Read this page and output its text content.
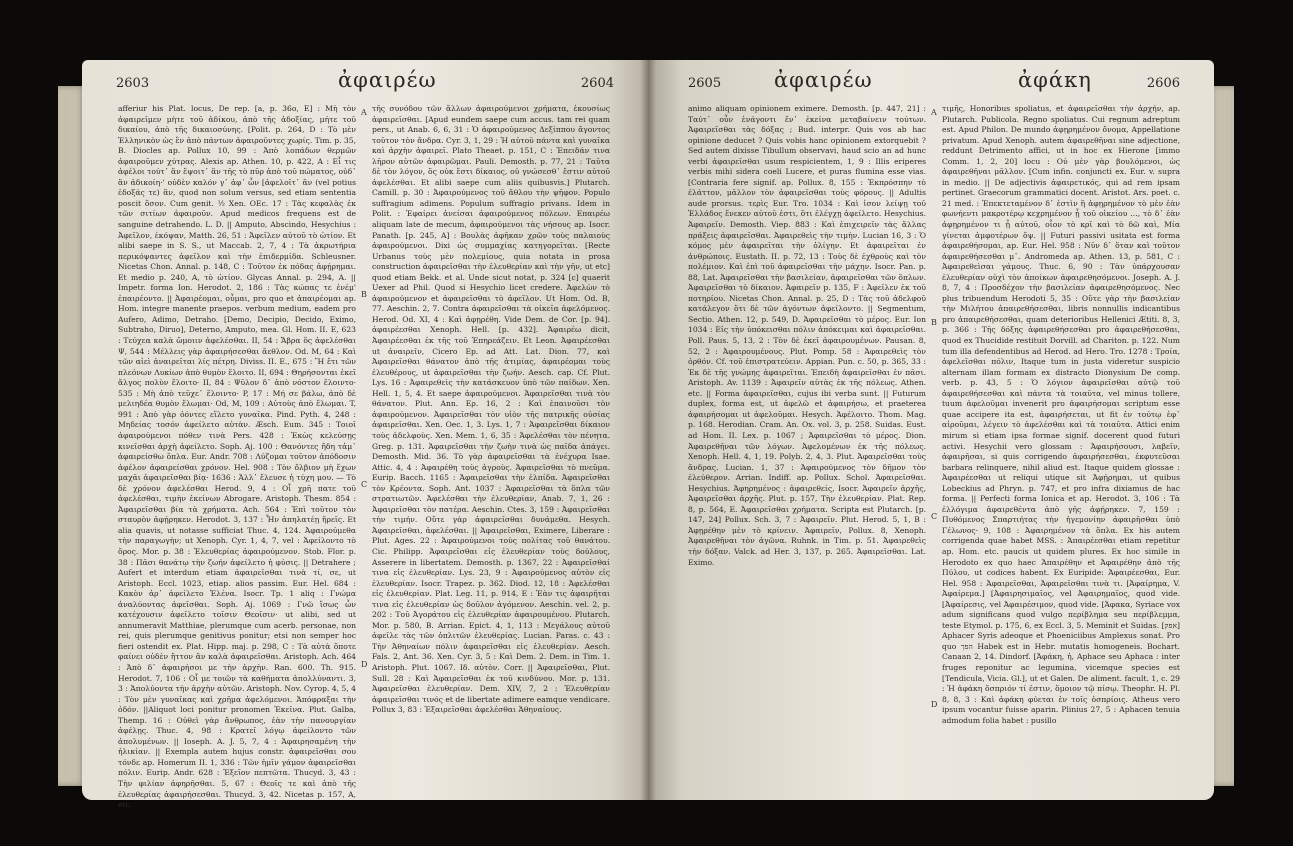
2603	ἀφαιρέω	2604
afferiur his Plat. locus, De rep. [a, p. 36o, E] : Μὴ τὸν ἀφαιρεῖμεν μὴτε τοῦ ἀδίκου, ἀπὸ τῆς ἀδοξίας, μήτε τοῦ δικαίου, ἀπὸ τῆς δικαιοσύνης. [Polit. p. 264, D : Τὸ μὲν Ἑλληνικὸν ὡς ἓν ἀπὸ πάντων ἀφαιροῦντες χωρίς. Tim. p. 35, B. Diocles ap. Pollux 10, 99 : Ἀπὸ λοπάδων θερμῶν ἀφαιροῦμεν χύτρας. Alexis ap. Athen. 10, p. 422, A : Εἶ τις ἀφέλοι τούτ᾽ ἂν ἕψοιτ᾽ ἂν τῆς τὸ πῦρ ἀπὸ τοῦ πώματος, οὐδ᾽ ἂν ἀδικοίη·' οὐδὲν καλόν γ᾽ ἀφ᾽ ὧν [ἀφελοῖτ᾽ ἂν (vel potius ἐδοξάς τε) ἂν, quod non solum versus, sed etiam sententia poscit ὅσον. Cum genit. ½ Xen. OEc. 17 : Τὰς κεφαλὰς ἐκ τῶν σιτίων ἀφαιροῦν. Apud medicos frequens est de sanguine detrahendo. L. D. || Amputo, Abscindo, Hesychius : Ἀφεῖλον, ἐκόψαν, Matth. 26, 51 : Ἀφεῖλεν αὐτοῦ τὸ ὠτίον. Et alibi saepe in S. S., ut Maccab. 2, 7, 4 : Τὰ ἀκρωτήρια περικόψαντες ἀφεῖλον καὶ τὴν ἐπιδερμίδα. Schleusner. Nicetas Chon. Annal. p. 148, C : Τοῦτον ἐκ πόδας ἀφῄρημαι. Et medio p. 240, A, τὸ ὠτίον. Glycas Annal. p. 294, A. || Impetr. forma Ion. Herodot. 2, 186 : Τὰς κώπας τε ἐνέμ' ἐπαιρέοντο. || Ἀφαιρέομαι, οὖμαι, pro quo et ἀπαιρέομαι ap. Hom. integre manente praepos. verbum medium, eadem pro Aufero, Adimo, Detraho. [Demo, Decipio, Decido, Eximo, Subtraho, Diruo], Deterno, Amputo, mea. Gl. Hom. II. E, 623 : Τεύχεα καλὰ ὤμοιιν ἀφελέσθαι. II, 54 : Ἄβρα ὅς ἀφελέσθαι Ψ, 544 : Μέλλεις γὰρ ἀφαιρήσεσθαι ἄεθλον. Od. M, 64 : Καὶ τῶν αἰεὶ ἀναιρεῖται λίς πέτρη. Diviss. II. E., 675 : Ἢ ἔτι τῶν πλεόνων Λυκίων ἀπὸ θυμὸν ἕλοιτο. II, 694 : Θηρήσονται ἐκεῖ ἄλγος πολὺν ἕλοιτο· II, 84 : Ψῦλον δ᾽ ἀπὸ νόστον ἕλοιντο· 535 : Μὴ ἀπὸ τεῦχε᾽ ἕλοιντο· P, 17 : Μή σε βάλω, ἀπὸ δὲ μελιηδέα θυμὸν ἕλωμαι· Od, M, 109 : Αὐτοὺς ἀπὸ ἕλωμαι. T, 991 : Ἀπὸ γὰρ ὀόντες εἵλετο γυναῖκα. Pind. Pyth. 4, 248 : Μηδείας τοσόν ἀφείλετο αὐτὰν. Æsch. Eum. 345 : Τοιοῖ ἀφαιρούμενοι πόθεν τινὰ Pers. 428 : Ἑκὼς κελεύσῃς κινεῖσθαι ἀρχὴ ἀφείλετο. Soph. Aj. 100 : Θανόντες ἤδη τἀμ᾽ ἀφαιρείσθω ὅπλα. Eur. Andr. 708 : Λύζομαι τοῦτον ἀπόδοσιν ἀφέλον ἀφαιρείσθαι χρόνον. Hel. 908 : Τὸν ὄλβιον μὴ ἔχων μαχᾶι ἀφαιρεῖσθαι βίᾳ· 1636 : Ἀλλ᾽ ἔλευσε ἡ τύχη μου. — Τὸ δὲ χρόνον ἀφελέσθαι Herod. 9, 4 : Οἷ χρῆ πατε τοῦ ἀφελέσθαι, τιμὴν ἐκείνων Abrogare. Aristoph. Thesm. 854 : Ἀφαιρεῖσθαι βία τὰ χρήματα. Ach. 564 : Ἐπὶ τοῦτον τὸν σταυρὸν ἀφῄρηκεν. Herodot. 3, 137 : Ἦν ἀπηλατέῃ ἤρεῖς. Et alia quavis, ut notasse sufficiat Thuc. 4, 124. Ἀφαιρούμεθα τὴν παραγωγὴν; ut Xenoph. Cyr. 1, 4, 7, vel : Ἀφείλοντο τὸ ὄρος. Mor. p. 38 : Ἐλευθερίας ἀφαιρούμενον. Stob. Flor. p. 38 : Πᾶσι θανάτῳ τὴν ζωήν ἀφείλετο ἡ φύσις. || Detrahere ; Aufert et interdum etiam ἀφαιρεῖσθαι τινὰ τί, σε, ut Aristoph. Eccl. 1023, etiap. alios passim. Eur. Hel. 684 : Κακὸν ἀρ᾽ ἀφείλετο Ἑλένα. Isocr. Tp. 1 aliq : Γνώμα ἀναλύοντας ἀφεῖσθαι. Soph. Aj. 1069 : Γνῶ ἴσως ὧν κατέχουσιν ἀφεῖλετο τοῖσιν Θεοῖσιν· ut alibi, sed ut annumeravit Matthiae, plerumque cum acerb. personae, non rei, quis plerumque genitivus ponitur; etsi non semper hoc fieri ostendit ex. Plat. Hipp. maj. p. 298, C : Τὰ αὐτὰ ὅποτε φαίνει οὐδὲν ἤττον ἂν καλὰ ἀφαιρεῖσθαι. Aristoph. Ach. 464 : Ἀπὸ δ᾽ ἀφαιρήσοι με τὴν ἀρχὴν. Ran. 600. Th. 915. Herodot. 7, 106 : Οἷ με τοιῶν τὰ καθήματα ἀπολλύναντι. 3, 3 : Ἀπολύοντα τὴν ἀρχὴν αὐτῶν. Aristoph. Nov. Cyrop. 4, 5, 4 : Τὸν μὲν γυναῖκας καὶ χρῆμα ἀφελόμενοι. Ἀπόφραξαι τὴν ὁδόν. ||Aliquot loci ponitur pronomen Ἐκεῖνα. Plut. Galba, Themp. 16 : Οὐθεὶ γὰρ ἄνθρωπος, ἐὰν τὴν πανουργίαν ἀφέλῃς. Thuc. 4, 98 : Κρατεῖ λόγῳ ἀφείλοντο τῶν ἀπολυμένων. || Ioseph. A. J. 5, 7, 4 : Ἀφαιρησαμένη τὴν ἡλικίαν. || Exempla autem hujus constr. ἀφαιρεῖσθαι σου τόνδε ap. Homerum II. 1, 336 : Τῶν ἡμῖν γάμον ἀφαιρεῖσθαι πόλιν. Eurip. Andr. 628 : Ἐξεῖον πεπτῶτα. Thucyd. 3, 43 : Τὴν φιλίαν ἀφηρῆσθαι. 5, 67 : Θεοῖς τε καὶ ἀπὸ τῆς ἐλευθερίας ἀφαιρήσεσθαι. Thucyd. 3, 42. Nicetas p. 157, A, etc.
τῆς συνόδου τῶν ἄλλων ἀφαιρούμενοι χρήματα, ἐκουσίως ἀφαιρεῖσθαι. [Apud eundem saepe cum accus. tam rei quam pers., ut Anab. 6, 6, 31 : Ὁ ἀφαιρούμενος Δεξίππου ἄγοντος τοῦτον τὸν ἄνδρα. Cyr. 3, 1, 29 : Ἡ αὐτοῦ πάντα καὶ γυναῖκα καὶ ἀρχὴν ἀφαιρεῖ. Plato Theaet. p. 151, C : Ἐπειδάν τινα λῆρον αὐτῶν ἀφαιρῶμαι. Pauli. Demosth. p. 77, 21 : Ταῦτα δὲ τὸν λόγον, ὃς οὐκ ἔστι δίκαιος, οὐ γνώσεσθ᾽ ἔστιν αὐτοῦ ἀφελέσθαι. Et alibi saepe cum aliis quibusvis.] Plutarch. Camill. p. 30 : Ἀφαιρούμενος τοῦ ἄθλου τὴν ψῆφον. Populo suffragium adimens. Populum suffragio privans. Idem in Polit. : Ἐφαίρει ἀνείσαι ἀφαιρούμενος πόλεων. Επαιρέω aliquam late de mecum, ἀφαιρούμενοι τὰς νήσους ap. Isocr. Panath. [p. 245, A] : Βουλὰς ἀφῆκαν χρῶν τοὺς παλαιοὺς ἀφαιρούμενοι. Dixi ὡς συμμαχίας κατηγορεῖται. [Recte Urbanus τοὺς μὲν πολεμίους, quia notata in prosa construction ἀφαιρεῖσθαι τὴν ἐλευθερίαν καὶ τὴν γῆν, ut etc] quod etiam Bekk. et al. Unde sicut notat, p. 324 [c] quaerit Uexer ad Phil. Quod si Hesychio licet credere. Ἀφελὼν τὸ ἀφαιρούμενον et ἀφαιρεῖσθαι τὸ ἀφεῖλον. Ut Hom. Od. Β, 77. Aeschin. 2, 7. Contra ἀφαιρεῖσθαι τὰ οἰκεῖα ἀφελόμενος. Herod. Od. XI, 4 : Καὶ ἀφῃρέθη. Vide Dem. de Cor. [p. 94]. ἀφαιρέεσθαι Xenoph. Hell. [p. 432]. Ἀφαιρέω dicit, Ἀφαιρέεσθαι ἐκ τῆς τοῦ Ἐπηρεάζειν. Et Leon. Ἀφαιρέεσθαι ut ἀναιρεῖν, Cicero Ep. ad Att. Lat. Dion. 77, καὶ Ἀφαιρεῖσθαι θάνατον ἀπὸ τῆς ἀτιμίας, ἀφαιρέομαι τοὺς ἐλευθέρους, ut ἀφαιρεῖσθαι τὴν ζωήν. Aesch. cap. Cf. Plut. Lys. 16 : Ἀφαιρεθεὶς τὴν κατάσκευον ὑπὸ τῶν παίδων. Xen. Hell. 1, 5, 4. Et saepe ἀφαιρούμενοι. Ἀφαιρεῖσθαι τινὰ τὸν θάνατον. Plut. Ann. Ερ. 16, 2 : Καὶ ἐπαινοῦσι τὸν ἀφαιρούμενον. Ἀφαιρεῖσθαι τὸν υἱὸν τῆς πατρικῆς οὐσίας ἀφαιρεῖσθαι. Xen. Oec. 1, 3. Lys. 1, 7 : Ἀφαιρεῖσθαι δίκαιον τοὺς ἀδελφοὺς. Xen. Mem. 1, 6, 35 : Ἀφελέσθαι τὸν πένητα. Greg. p. 131. Ἀφαιρεῖσθαι τὴν ζωὴν τινὰ ὡς παῖδα ἀπάγει. Demosth. Mid. 36. Τὸ γὰρ ἀφαιρεῖσθαι τὰ ἐνέχυρα Isae. Attic. 4, 4 : Ἀφαιρέθη τοὺς ἀγροὺς. Ἀφαιρεῖσθαι τὸ πνεῦμα. Eurip. Bacch. 1165 : Ἀφαιρεῖσθαι τὴν ἐλπίδα. Ἀφαιρεῖσθαι τὸν Κρέοντα. Soph. Ant. 1037 : Ἀφαιρεῖσθαι τὰ ὅπλα τῶν στρατιωτῶν. Ἀφελέσθαι τὴν ἐλευθερίαν, Anab. 7, 1, 26 : Ἀφαιρεῖσθαι τὸν πατέρα. Aeschin. Ctes. 3, 159 : Ἀφαιρεῖσθαι τὴν τιμήν. Οὔτε γὰρ ἀφαιρεῖσθαι δυνάμεθα. Hesych. Ἀφαιρεῖσθαι, ἀφελέσθαι. || Ἀφαιρεῖσθαι, Eximere, Liberare : Plut. Ages. 22 : Ἀφαιρούμενοι τοὺς πολίτας τοῦ θανάτου. Cic. Philipp. Ἀφαιρεῖσθαι εἰς ἐλευθερίαν τοὺς δούλους, Asserere in libertatem. Demosth. p. 1367, 22 : Ἀφαιρεῖσθαί τινα εἰς ἐλευθερίαν. Lys. 23, 9 : Ἀφαιρούμενος αὐτὸν εἰς ἐλευθερίαν. Isocr. Trapez. p. 362. Diod. 12, 18 : Ἀφελέσθαι εἰς ἐλευθερίαν. Plat. Leg. 11, p. 914, E : Ἐὰν τις ἀφαιρῆται τινα εἰς ἐλευθερίαν ὡς δοῦλον ἀγόμενον. Aeschin. vel. 2, p. 202 : Τοῦ Ἀγοράτου εἰς ἐλευθερίαν ἀφαιρουμένου. Plutarch. Mor. p. 580, B. Arrian. Epict. 4, 1, 113 : Μεγάλους αὐτοῦ ἀφεῖλε τὰς τῶν ὁπλιτῶν ἐλευθερίας. Lucian. Paras. c. 43 : Τὴν Ἀθηναίων πόλιν ἀφαιρεῖσθαι εἰς ἐλευθερίαν. Aesch. Fals. 2, Ant. 36. Xen. Cyr. 3, 5 : Καὶ Dem. 2. Dem. in Tim. 1. Aristoph. Plut. 1067. Ιδ. αὐτὸν. Corr. || Ἀφαιρεῖσθαι, Plut. Sull. 28 : Καὶ Ἀφαιρεῖσθαι ἐκ τοῦ κινδύνου. Mor. p. 131. Ἀφαιρεῖσθαι ἐλευθερίαν. Dem. XIV, 7, 2 : Ἐλευθερίαν ἀφαιρεῖσθαι τινός et de libertate adimere eamque vendicare. Pollux 3, 83 : Ἐξαιρεῖσθαι ἀφελέσθαι Ἀθηναίους.
A
B
C
D
2605	ἀφαιρέω	ἀφάκη	2606
animo aliquam opinionem eximere. Demosth. [p. 447, 21] : Ταύτ᾽ οὖν ἐνάγοντι ἕν᾽ ἐκείνα μεταβαίνειν τούτων. Ἀφαιρεῖσθαι τὰς δόξας ; Bud. interpr. Quis vos ab hac opinione deducet ? Quis vobis hanc opinionem extorquebit ? Sed autem dixisse Tibullum observavi, haud scio an ad hunc verbi ἀφαιρεῖσθαι usum respicientem, 1, 9 : Illis eriperes verbis mihi sidera coeli Lucere, et puras flumina esse vias. [Contraria fere signif. ap. Pollux. 8, 155 : Ἐκπρόσπην τὸ ἐλάττον, μᾶλλον τὸν ἀφαιρεῖσθαι τοὺς φόρους. || Adultis aude prorsus. τερὶς Eur. Tro. 1034 : Καὶ ἰσον λείψῃ τοῦ Ἑλλάδος ἕνεκεν αὐτοῦ ἐστι, ὅτι ἐλέγχῃ ἀφείλετο. Hesychius. Ἀφαιρεῖν. Demosth. Viep. 883 : Καὶ ἐπιχειρεῖν τὰς ἄλλας πράξεις ἀφαιρεῖσθαι. Ἀφαιρεθεὶς τὴν τιμὴν. Lucian 16, 3 : Ὁ κόμος μὲν ἀφαιρεῖται τὴν ὀλίγην. Et ἀφαιρεῖται ἐν ἀνθρώποις. Eustath. II. p. 72, 13 : Τοὺς δὲ ἐχθροὺς καὶ τὸν πολέμιον. Καὶ ἐπὶ τοῦ ἀφαιρεῖσθαι τὴν μάχην. Isocr. Pan. p. 88, Lat. Ἀφαιρεῖσθαι τὴν βασιλείαν, ἀφαιρεῖσθαι τῶν ὅπλων. Ἀφαιρεῖσθαι τὸ δίκαιον. Ἀφαιρεῖν p. 135, F : Ἀφεῖλεν ἐκ τοῦ ποτηρίου. Nicetas Chon. Annal. p. 25, D : Τὰς τοῦ ἀδελφοῦ κατάλεγον ὅτι δὲ τῶν ἀγόντων ἀφείλοντο. || Segmentum, Sectio. Athen. 12, p. 549, D. Ἀφαιρεῖσθαι τὸ μέρος. Eur. Ion 1034 : Εἰς τὴν ὑπόκεισθαι πόλιν ἀπόκειμαι καὶ ἀφαιρεῖσθαι. Poll. Paus. 5, 13, 2 : Τὸν δὲ ἐκεῖ ἀφαιρουμένων. Pausan. 8, 52, 2 : Ἀφαιρουμένους. Plut. Pomp. 58 : Ἀφαιρεθεὶς τὸν ὀρθόν. Cf. τοῦ ἐπιστρατεύειν. Appian. Pun. c. 50, p. 365, 33 : Ἐκ δὲ τῆς γνώμης ἀφαιρεῖται. Ἐπειδὴ ἀφαιρεῖσθαι ἐν πᾶσι. Aristoph. Av. 1139 : Ἀφαιρεῖν αὐτὰς ἐκ τῆς πόλεως. Athen. etc. || Forma ἀφαιρεῖσθαι, cujus ibi verba sunt. || Futurum duplex, forma est, ut ἀφελῶ et ἀφαιρήσω, et praeterea ἀφαιρήσομαι ut ἀφελοῦμαι. Hesych. Ἀφέλοιτο. Thom. Mag. p. 168. Herodian. Cram. An. Ox. vol. 3, p. 258. Suidas. Eust. ad Hom. II. Lex. p. 1067 ; Ἀφαιρεῖσθαι τὸ μέρος. Dion. Ἀφαιρεθῆναι τῶν λόγων. Ἀφελομένων ἐκ τῆς πόλεως. Xenoph. Hell. 4, 1, 19. Polyb. 2, 4, 3. Plut. Ἀφαιρεῖσθαι τοὺς ἄνδρας. Lucian. 1, 37 : Ἀφαιρούμενος τὸν δῆμον τὸν ἐλεύθερον. Arrian. Indiff. ap. Pollux. Schol. Ἀφαιρεῖσθαι. Hesychius. Ἀφηρημένος : ἀφαιρεθείς, Isocr. Ἀφαιρεῖν ἀρχῆς, Ἀφαιρεῖσθαι ἀρχῆς. Plut. p. 157, Τὴν ἐλευθερίαν. Plat. Rep. 8, p. 564, E. Ἀφαιρεῖσθαι χρήματα. Scripta est Plutarch. [p. 147, 24] Pollux. Sch. 3, 7 : Ἀφαιρεῖν. Plut. Herod. 5, 1, Β : Ἀφῃρέθην μὲν τὸ κρίνειν. Ἀφαιρεῖν, Pollux. 8, Xenoph. Ἀφαιρεθῆναι τὸν ἀγῶνα. Ruhnk. in Tim. p. 51. Ἀφαιρεθεὶς τὴν δόξαν. Valck. ad Her. 3, 137, p. 265. Ἀφαιρεῖσθαι. Lat. Eximo.
τιμῆς, Honoribus spoliatus, et ἀφαιρεῖσθαι τὴν ἀρχήν, ap. Plutarch. Publicola. Regno spoliatus. Cui regnum adreptum est. Apud Philon. De mundo ἀφῃρημένον ὄνομα, Appellatione privatum. Apud Xenoph. autem ἀφαιρεθῆναι sine adjectione, reddunt Detrimento affici, ut in hoc ex Hierone [immo Comm. 1, 2, 20] locu : Οὐ μὲν γὰρ βουλόμενοι, ὡς ἀφαιρεθῆναι μᾶλλον. [Cum infin. conjuncti ex. Eur. v. supra in medio. || De adjectivis ἀφαιρετικός, qui ad rem ipsam pertinet. Graecorum grammatici docent. Aristot. Ars. poet. c. 21 med. : Ἐπεκτεταμένον δ᾽ ἐστὶν ἢ ἀφῃρημένον τὸ μὲν ἐὰν φωνήεντι μακροτέρῳ κεχρημένον ᾖ τοῦ οἰκείου ..., τὸ δ᾽ ἐὰν ἀφῃρημένον τι ᾖ αὐτοῦ, οἷον τὸ κρῖ καὶ τὸ δῶ καὶ, Μία γίνεται ἀμφοτέρων ὄψ. || Futuri passivi usitata est forma ἀφαιρεθήσομαι, ap. Eur. Hel. 958 : Νῦν δ᾽ ὅταν καὶ τοῦτον ἀφαιρεθήσεσθαι μ᾽. Andromeda ap. Athen. 13, p. 581, C : Ἀφαιρεθεὶσαι γάμους. Thuc. 6, 90 : Τὰν ὑπάρχουσαν ἐλευθερίαν οὐχὶ τὸν ἀποίκων ἀφαιρεθησόμενοι. Joseph. A. J. 8, 7, 4 : Προσδέχον τὴν βασιλείαν ἀφαιρεθησόμενος. Nec plus tribuendum Herodoti 5, 35 : Οὔτε γὰρ τὴν βασιλείαν τὴν Μιλήτου ἀπαιρεθήσεσθαι, libris nonnullis indicantibus pro ἀπαιρεθήσεσθαι, quam deterioribus Hellenici Ætiti. 8, 3, p. 366 : Τῆς δόξης ἀφαιρεθήσεσθαι pro ἀφαιρεθήσεσθαι, quod ex Thucidide restituit Dorvill. ad Chariton. p. 122. Num tum illa defendentibus ad Herod. ad Hero. Tro. 1278 : Τροία, ἀφελεῖσθαι πόλιν, Itaque tum in justa videretur suspicio alternam illam formam ex distracto Dionysium De comp. verb. p. 43, 5 : Ὁ λόγιον ἀφαιρεῖσθαι αὐτῷ τοῦ ἀφαιρεθήσεσθαι καὶ πάντα τὰ τοιαῦτα, vel minus tollere, tuum ἀφελοῦμαι invenerit pro ἀφαιρήσομαι scriptum esse quae accipere ita est, ἀφαιρήσεται, ut fit ἐν τούτῳ ἐφ᾽ αἱροῦμαι, λέγειν τὸ ἀφελέσθαι καὶ τὰ τοιαῦτα. Attici enim mirum si etiam ipsa formae signif. docerent quod futuri activi. Hesychii vero glossam : Ἀφαιρήσουσι, λαβεῖν, ἀφαιρῆσαι, si quis corrigendo ἀφαιρήσεσθαι, ἐκφυτεῦσαι barbara relinquere, nihil aliud est. Itaque quidem glossae : Ἀφαιρέεσθαι ut reliqui utique sit Ἀφῄρημαι, ut quibus Lobeckius ad Phryn. p. 747, et pro infra dixiamus de hac forma. || Perfecti forma Ionica et ap. Herodot. 3, 106 : Τὰ ἐλλόγιμα ἀφαιρεθέντα ἀπὸ γῆς ἀφῄρηκεν. 7, 159 : Πυθόμενος Σπαρτιήτας τὴν ἡγεμονίην ἀφαιρῆσθαι ὑπὸ Γέλωνος· 9, 108 : Ἀφαιρημένον τὰ ὅπλα. Ex his autem corrigenda quae habet MSS. : Ἀπαιρέεσθαι etiam repetitur ap. Hom. etc. paucis ut quidem plures. Ex hoc simile in Herodoto ex quo haec Ἀπαιρέθην et Ἀφαιρέθην ἀπὸ τῆς Πύλου, ut codices habent. Ex Euripide: Ἀφαιρέεσθαι, Eur. Hel. 958 : Ἀφαιρεῖσθαι, Ἀφαιρεῖσθαι τινὰ τι. [Ἀφαίρημα, V. Ἀφαίρεμα.] [Ἀφαιρησιμαῖος, vel Ἀφαιρημαῖος, quod vide. [Ἀφαίρεσις, vel Ἀφαιρέσιμον, quod vide. [Ἀφακα, Syriace vox adum significans quod vulgo περίβλημα seu περίβλεμμα, teste Etymol. p. 175, 6, ex Eccl. 3, 5. Meminit et Suidas. [אפק] Aphacer Syris adeoque et Phoeniciibus Amplexus sonat. Pro quo הפך Habek est in Hebr. mutatis homogeneis. Bochart. Canaan 2, 14. Dindorf. [Ἀφάκη, ἡ, Aphace seu Aphaca : inter fruges reponitur ac legumina, vicemque species est [Tendicula, Vicia. Gl.], ut et Galen. De aliment. facult. 1, c. 29 : Ἡ ἀφάκη ὄσπριόν τί ἐστιν, ὅμοιον τῷ πίσῳ. Theophr. H. Pl. 8, 8, 3 : Καὶ ἀφάκη φύεται ἐν τοῖς ὀσπρίοις. Atheus vero ipsum vocantur fuisse aparin. Plinius 27, 5 : Aphacen tenuia admodum folia habet : pusillo
A
B
C
D
